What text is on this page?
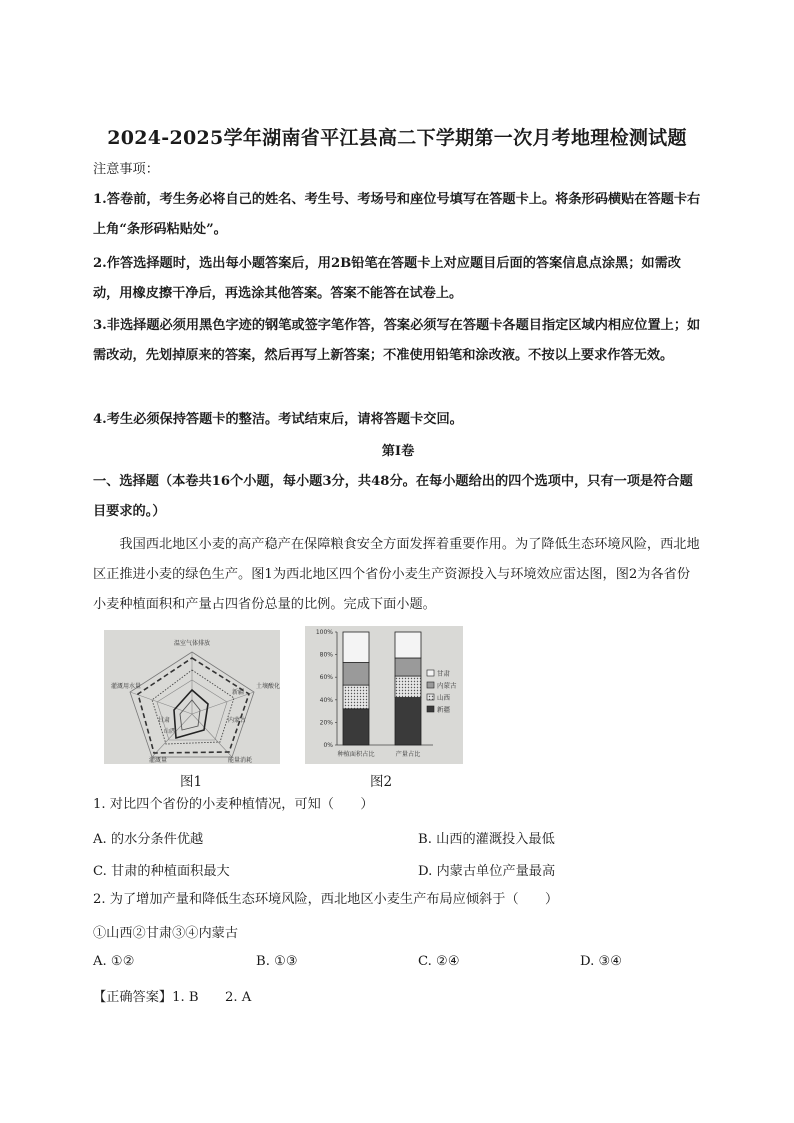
2024-2025学年湖南省平江县高二下学期第一次月考地理检测试题
注意事项：
1.答卷前，考生务必将自己的姓名、考生号、考场号和座位号填写在答题卡上。将条形码横贴在答题卡右上角“条形码粘贴处”。
2.作答选择题时，选出每小题答案后，用2B铅笔在答题卡上对应题目后面的答案信息点涂黑；如需改动，用橡皮擦干净后，再选涂其他答案。答案不能答在试卷上。
3.非选择题必须用黑色字迹的钢笔或签字笔作答，答案必须写在答题卡各题目指定区域内相应位置上；如需改动，先划掉原来的答案，然后再写上新答案；不准使用铅笔和涂改液。不按以上要求作答无效。
4.考生必须保持答题卡的整洁。考试结束后，请将答题卡交回。
第Ⅰ卷
一、选择题（本卷共16个小题，每小题3分，共48分。在每小题给出的四个选项中，只有一项是符合题目要求的。）
我国西北地区小麦的高产稳产在保障粮食安全方面发挥着重要作用。为了降低生态环境风险，西北地区正推进小麦的绿色生产。图1为西北地区四个省份小麦生产资源投入与环境效应雷达图，图2为各省份小麦种植面积和产量占四省份总量的比例。完成下面小题。
温室气体排放
土壤酸化
能量消耗
灌溉量
灌溉用水量
新疆
内蒙古
甘肃
山西
图1
0%
20%
40%
60%
80%
100%
种植面积占比	产量占比
甘肃
内蒙古
山西
新疆
图2
1. 对比四个省份的小麦种植情况，可知（　　）
A. 的水分条件优越	B. 山西的灌溉投入最低
C. 甘肃的种植面积最大	D. 内蒙古单位产量最高
2. 为了增加产量和降低生态环境风险，西北地区小麦生产布局应倾斜于（　　）
①山西②甘肃③④内蒙古
A. ①②	B. ①③	C. ②④	D. ③④
【正确答案】1. B　　2. A
